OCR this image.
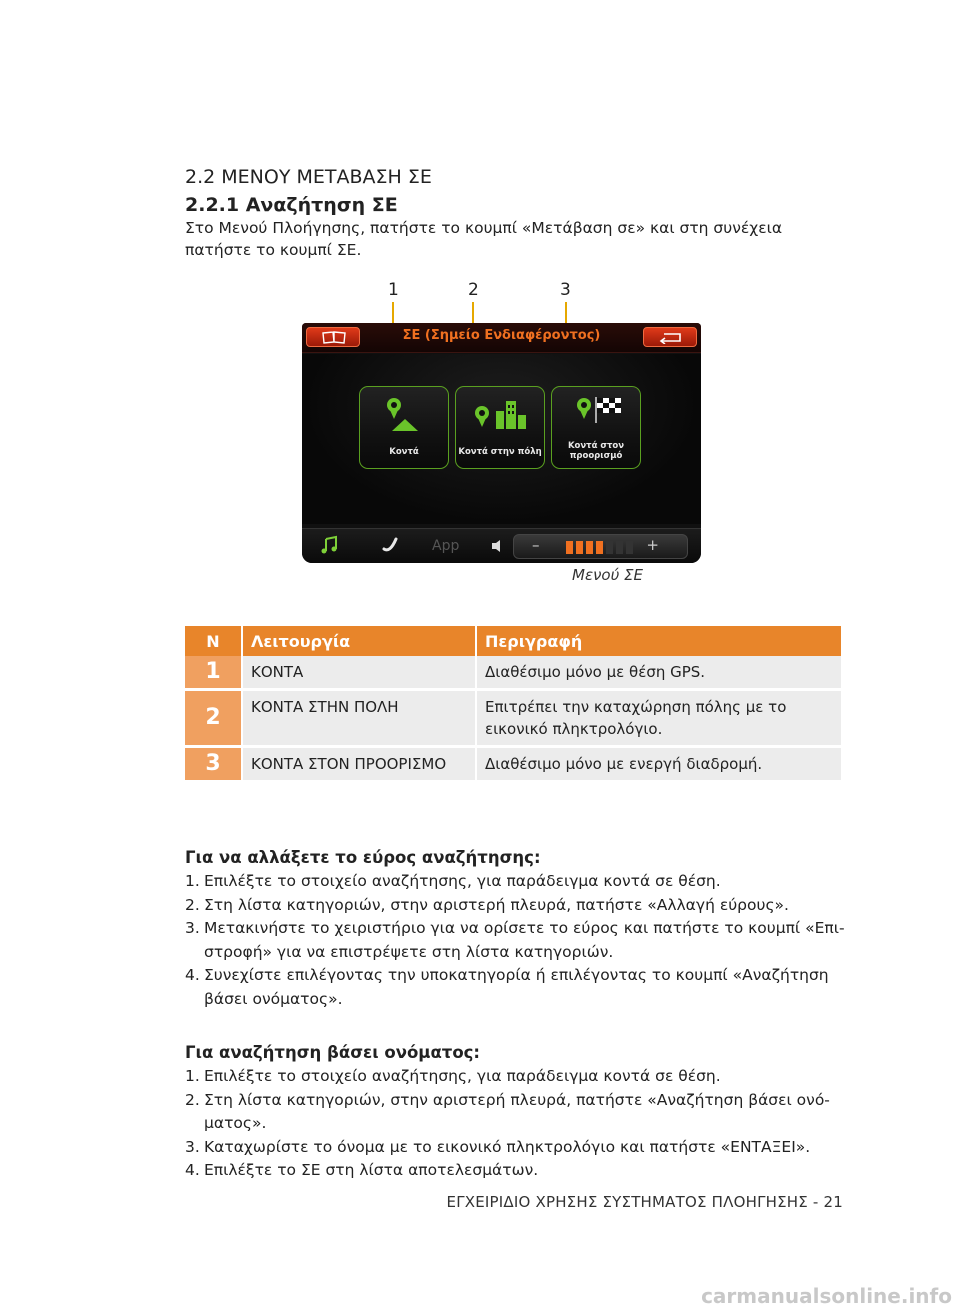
2.2 ΜΕΝΟΥ ΜΕΤΑΒΑΣΗ ΣΕ
2.2.1 Αναζήτηση ΣΕ
Στο Μενού Πλοήγησης, πατήστε το κουμπί «Μετάβαση σε» και στη συνέχεια πατήστε το κουμπί ΣΕ.
1	2	3
ΣΕ (Σημείο Ενδιαφέροντος)
Κοντά	Κοντά στην πόλη
Κοντά στον
προορισμό
App	–	+
Μενού ΣΕ
Ν	Λειτουργία	Περιγραφή
1	ΚΟΝΤΑ	Διαθέσιμο μόνο με θέση GPS.
2	ΚΟΝΤΑ ΣΤΗΝ ΠΟΛΗ	Επιτρέπει την καταχώρηση πόλης με το εικονικό πληκτρολόγιο.
3	ΚΟΝΤΑ ΣΤΟΝ ΠΡΟΟΡΙΣΜΟ	Διαθέσιμο μόνο με ενεργή διαδρομή.
Για να αλλάξετε το εύρος αναζήτησης:
1. Επιλέξτε το στοιχείο αναζήτησης, για παράδειγμα κοντά σε θέση.
2. Στη λίστα κατηγοριών, στην αριστερή πλευρά, πατήστε «Αλλαγή εύρους».
3. Μετακινήστε το χειριστήριο για να ορίσετε το εύρος και πατήστε το κουμπί «Επι-στροφή» για να επιστρέψετε στη λίστα κατηγοριών.
4. Συνεχίστε επιλέγοντας την υποκατηγορία ή επιλέγοντας το κουμπί «Αναζήτηση βάσει ονόματος».
Για αναζήτηση βάσει ονόματος:
1. Επιλέξτε το στοιχείο αναζήτησης, για παράδειγμα κοντά σε θέση.
2. Στη λίστα κατηγοριών, στην αριστερή πλευρά, πατήστε «Αναζήτηση βάσει ονό-ματος».
3. Καταχωρίστε το όνομα με το εικονικό πληκτρολόγιο και πατήστε «ΕΝΤΑΞΕΙ».
4. Επιλέξτε το ΣΕ στη λίστα αποτελεσμάτων.
ΕΓΧΕΙΡΙΔΙΟ ΧΡΗΣΗΣ ΣΥΣΤΗΜΑΤΟΣ ΠΛΟΗΓΗΣΗΣ - 21
carmanualsonline.info
